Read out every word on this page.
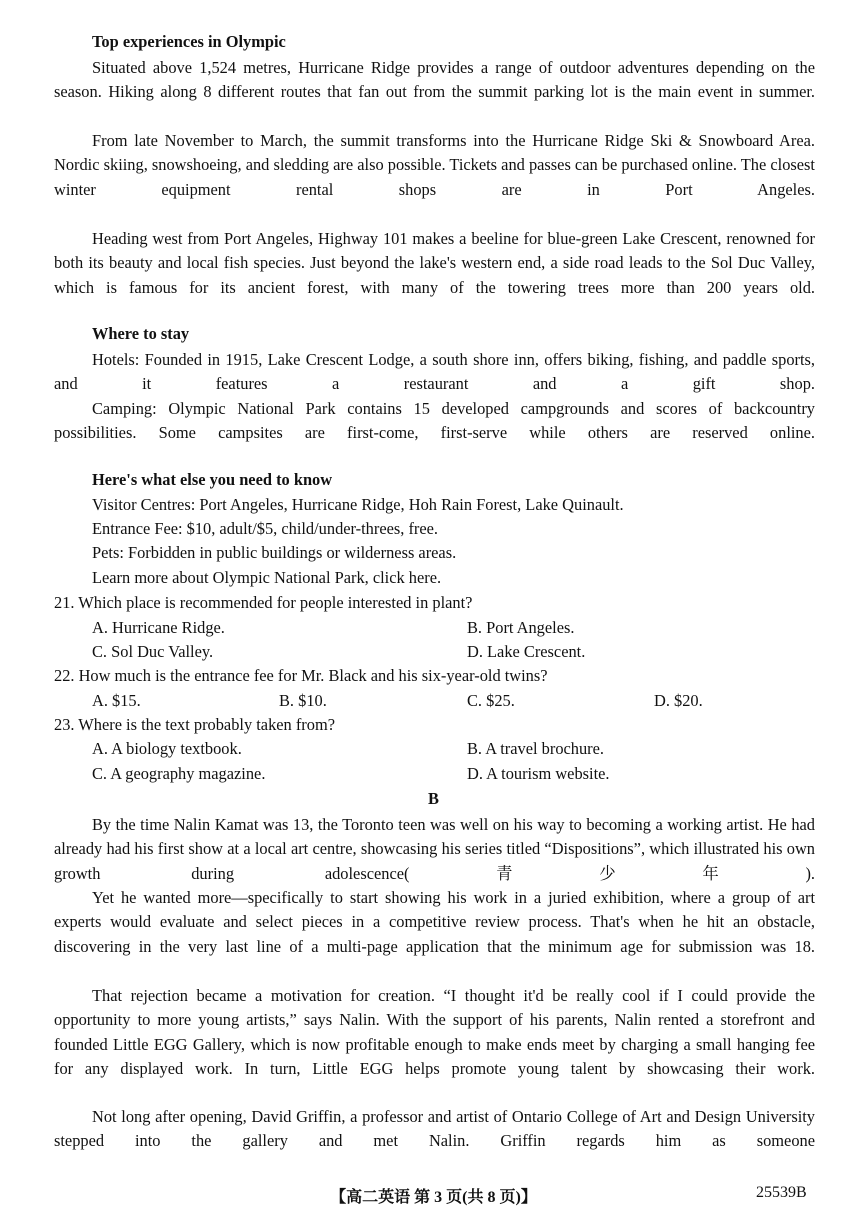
Top experiences in Olympic
Situated above 1,524 metres, Hurricane Ridge provides a range of outdoor adventures depending on the season. Hiking along 8 different routes that fan out from the summit parking lot is the main event in summer.
From late November to March, the summit transforms into the Hurricane Ridge Ski & Snowboard Area. Nordic skiing, snowshoeing, and sledding are also possible. Tickets and passes can be purchased online. The closest winter equipment rental shops are in Port Angeles.
Heading west from Port Angeles, Highway 101 makes a beeline for blue-green Lake Crescent, renowned for both its beauty and local fish species. Just beyond the lake's western end, a side road leads to the Sol Duc Valley, which is famous for its ancient forest, with many of the towering trees more than 200 years old.
Where to stay
Hotels: Founded in 1915, Lake Crescent Lodge, a south shore inn, offers biking, fishing, and paddle sports, and it features a restaurant and a gift shop.
Camping: Olympic National Park contains 15 developed campgrounds and scores of backcountry possibilities. Some campsites are first-come, first-serve while others are reserved online.
Here's what else you need to know
Visitor Centres: Port Angeles, Hurricane Ridge, Hoh Rain Forest, Lake Quinault.
Entrance Fee: $10, adult/$5, child/under-threes, free.
Pets: Forbidden in public buildings or wilderness areas.
Learn more about Olympic National Park, click here.
21. Which place is recommended for people interested in plant?
A. Hurricane Ridge.	B. Port Angeles.
C. Sol Duc Valley.	D. Lake Crescent.
22. How much is the entrance fee for Mr. Black and his six-year-old twins?
A. $15.	B. $10.	C. $25.	D. $20.
23. Where is the text probably taken from?
A. A biology textbook.	B. A travel brochure.
C. A geography magazine.	D. A tourism website.
B
By the time Nalin Kamat was 13, the Toronto teen was well on his way to becoming a working artist. He had already had his first show at a local art centre, showcasing his series titled “Dispositions”, which illustrated his own growth during adolescence(青少年).
Yet he wanted more—specifically to start showing his work in a juried exhibition, where a group of art experts would evaluate and select pieces in a competitive review process. That's when he hit an obstacle, discovering in the very last line of a multi-page application that the minimum age for submission was 18.
That rejection became a motivation for creation. “I thought it'd be really cool if I could provide the opportunity to more young artists,” says Nalin. With the support of his parents, Nalin rented a storefront and founded Little EGG Gallery, which is now profitable enough to make ends meet by charging a small hanging fee for any displayed work. In turn, Little EGG helps promote young talent by showcasing their work.
Not long after opening, David Griffin, a professor and artist of Ontario College of Art and Design University stepped into the gallery and met Nalin. Griffin regards him as someone
【高二英语 第 3 页(共 8 页)】	25539B
